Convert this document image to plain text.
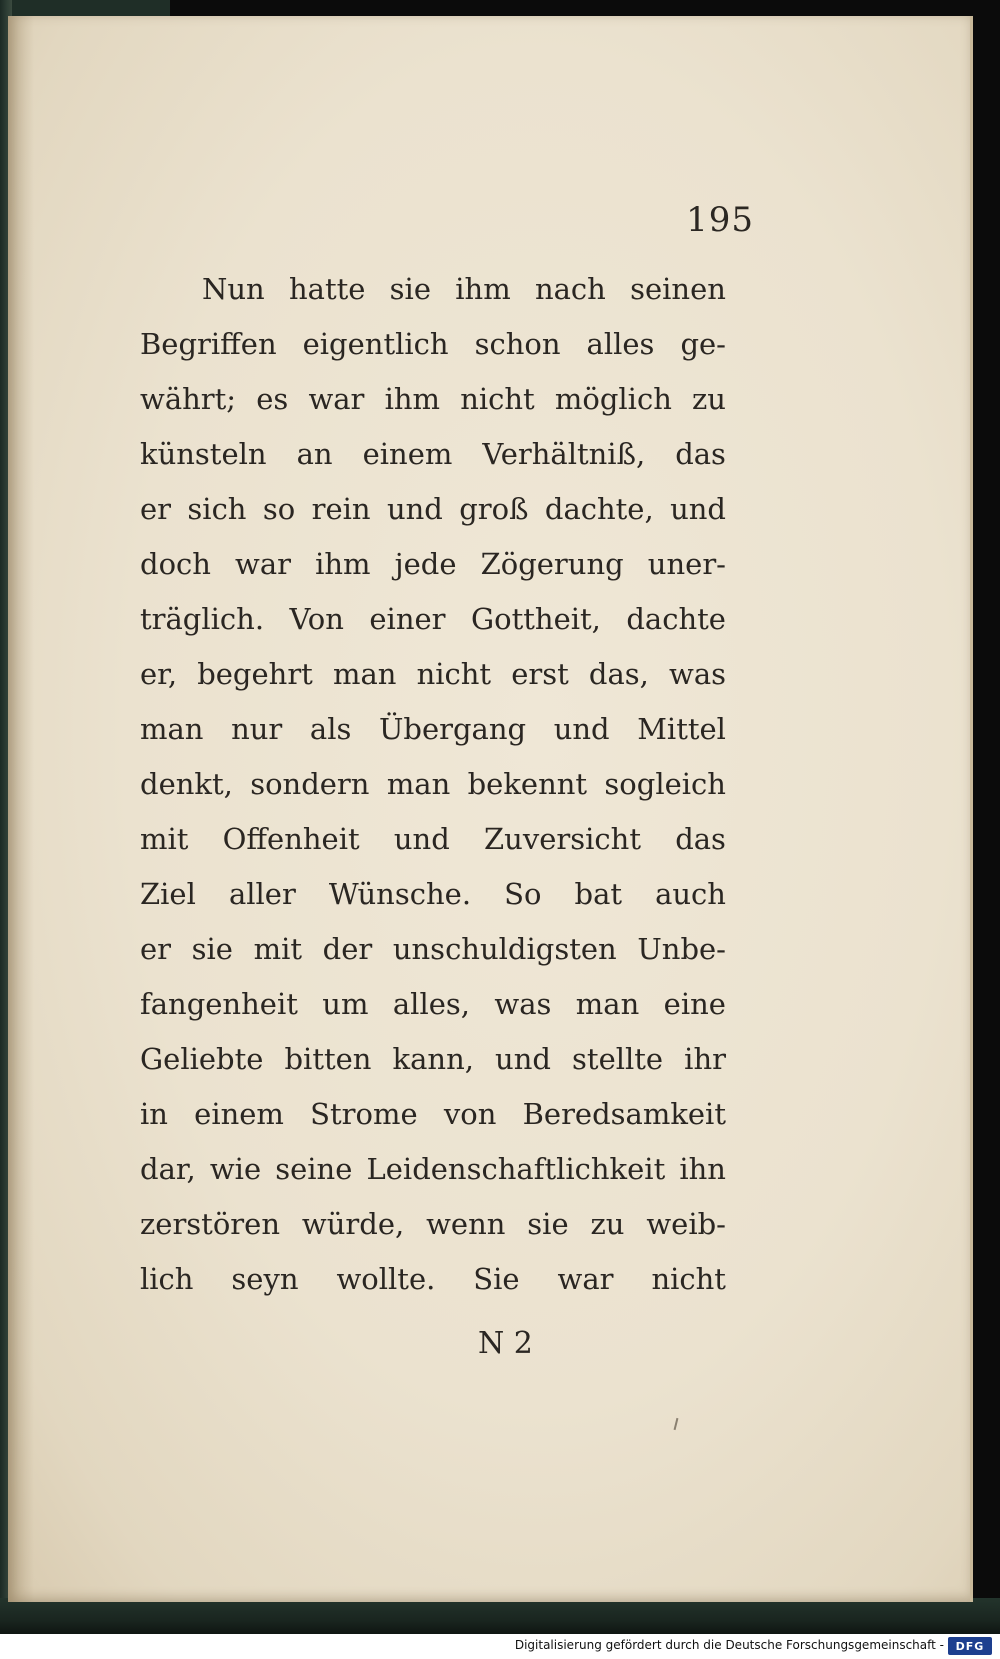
195
Nun hatte sie ihm nach seinen
Begriffen eigentlich schon alles ge-
währt; es war ihm nicht möglich zu
künsteln an einem Verhältniß, das
er sich so rein und groß dachte, und
doch war ihm jede Zögerung uner-
träglich. Von einer Gottheit, dachte
er, begehrt man nicht erst das, was
man nur als Übergang und Mittel
denkt, sondern man bekennt sogleich
mit Offenheit und Zuversicht das
Ziel aller Wünsche. So bat auch
er sie mit der unschuldigsten Unbe-
fangenheit um alles, was man eine
Geliebte bitten kann, und stellte ihr
in einem Strome von Beredsamkeit
dar, wie seine Leidenschaftlichkeit ihn
zerstören würde, wenn sie zu weib-
lich seyn wollte. Sie war nicht
N 2
Digitalisierung gefördert durch die Deutsche Forschungsgemeinschaft - DFG
